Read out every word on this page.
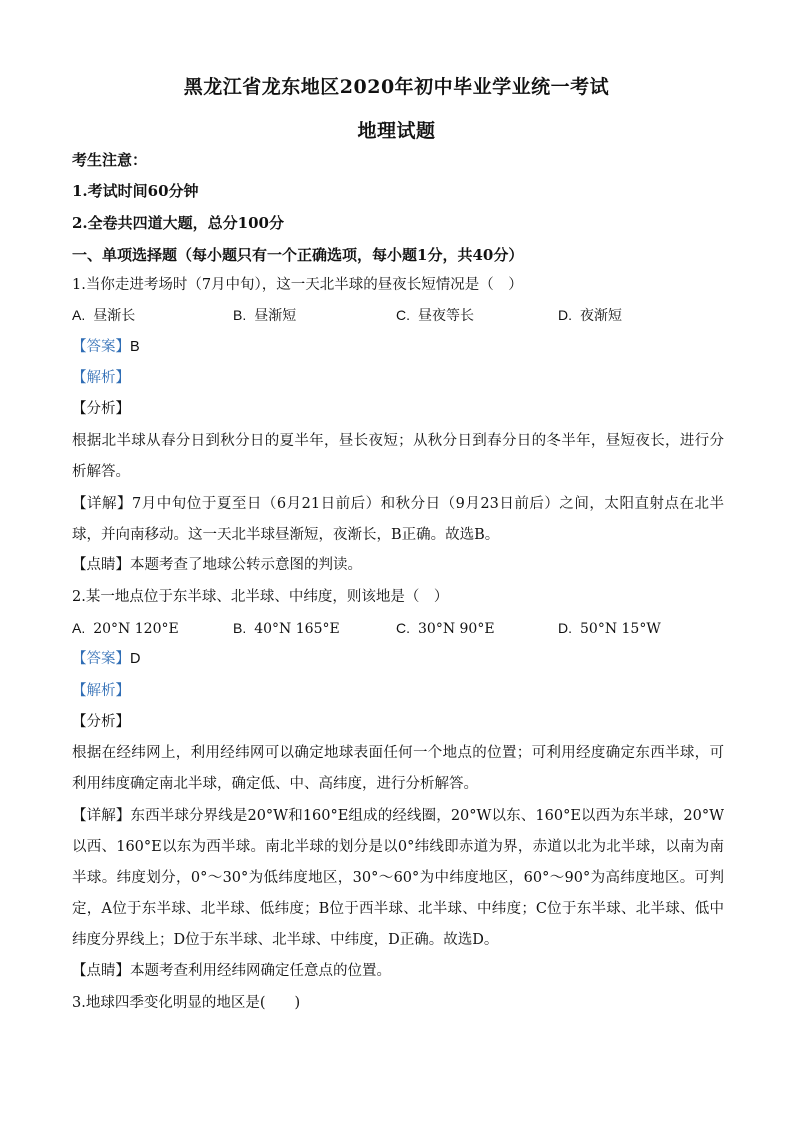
黑龙江省龙东地区2020年初中毕业学业统一考试
地理试题
考生注意：
1.考试时间60分钟
2.全卷共四道大题，总分100分
一、单项选择题（每小题只有一个正确选项，每小题1分，共40分）
1.当你走进考场时（7月中旬），这一天北半球的昼夜长短情况是（　）
A. 昼渐长	B. 昼渐短	C. 昼夜等长	D. 夜渐短
【答案】B
【解析】
【分析】
根据北半球从春分日到秋分日的夏半年，昼长夜短；从秋分日到春分日的冬半年，昼短夜长，进行分析解答。
【详解】7月中旬位于夏至日（6月21日前后）和秋分日（9月23日前后）之间，太阳直射点在北半球，并向南移动。这一天北半球昼渐短，夜渐长，B正确。故选B。
【点睛】本题考查了地球公转示意图的判读。
2.某一地点位于东半球、北半球、中纬度，则该地是（　）
A. 20°N 120°E	B. 40°N 165°E	C. 30°N 90°E	D. 50°N 15°W
【答案】D
【解析】
【分析】
根据在经纬网上，利用经纬网可以确定地球表面任何一个地点的位置；可利用经度确定东西半球，可利用纬度确定南北半球，确定低、中、高纬度，进行分析解答。
【详解】东西半球分界线是20°W和160°E组成的经线圈，20°W以东、160°E以西为东半球，20°W以西、160°E以东为西半球。南北半球的划分是以0°纬线即赤道为界，赤道以北为北半球，以南为南半球。纬度划分，0°～30°为低纬度地区，30°～60°为中纬度地区，60°～90°为高纬度地区。可判定，A位于东半球、北半球、低纬度；B位于西半球、北半球、中纬度；C位于东半球、北半球、低中纬度分界线上；D位于东半球、北半球、中纬度，D正确。故选D。
【点睛】本题考查利用经纬网确定任意点的位置。
3.地球四季变化明显的地区是(　　)
